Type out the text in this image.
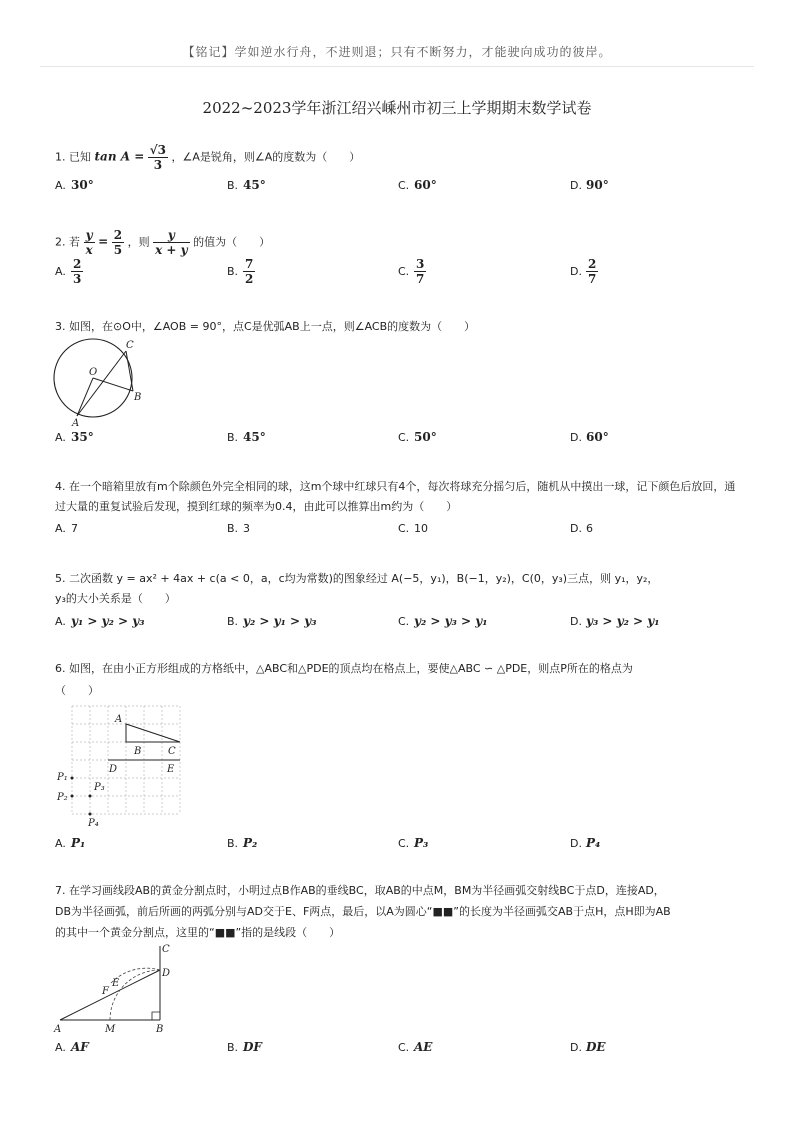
【铭记】学如逆水行舟，不进则退；只有不断努力，才能驶向成功的彼岸。
2022~2023学年浙江绍兴嵊州市初三上学期期末数学试卷
1. 已知 $\tan A = \frac{√3}{3}$ ，∠A是锐角，则∠A的度数为（　　）
A. 30°	B. 45°	C. 60°	D. 90°
2. 若 $\frac{y}{x} = \frac{2}{5}$ ，则 $\frac{y}{x + y}$ 的值为（　　）
A. $\frac{2}{3}$	B. $\frac{7}{2}$	C. $\frac{3}{7}$	D. $\frac{2}{7}$
3. 如图，在⊙O中，∠AOB = 90°，点C是优弧AB上一点，则∠ACB的度数为（　　）
O
A
B
C
A. 35°	B. 45°	C. 50°	D. 60°
4. 在一个暗箱里放有m个除颜色外完全相同的球，这m个球中红球只有4个，每次将球充分摇匀后，随机从中摸出一球，记下颜色后放回，通
过大量的重复试验后发现，摸到红球的频率为0.4，由此可以推算出m约为（　　）
A. 7	B. 3	C. 10	D. 6
5. 二次函数 y = ax² + 4ax + c(a < 0，a，c均为常数)的图象经过 A(−5，y₁)，B(−1，y₂)，C(0，y₃)三点，则 y₁，y₂，
y₃的大小关系是（　　）
A. y₁ > y₂ > y₃	B. y₂ > y₁ > y₃	C. y₂ > y₃ > y₁	D. y₃ > y₂ > y₁
6. 如图，在由小正方形组成的方格纸中，△ABC和△PDE的顶点均在格点上，要使△ABC ∽ △PDE，则点P所在的格点为
（　　）
A
B	C
D	E
P₁
P₂
P₃
P₄
A. P₁	B. P₂	C. P₃	D. P₄
7. 在学习画线段AB的黄金分割点时，小明过点B作AB的垂线BC，取AB的中点M，BM为半径画弧交射线BC于点D，连接AD，
DB为半径画弧，前后所画的两弧分别与AD交于E、F两点，最后，以A为圆心“■■”的长度为半径画弧交AB于点H，点H即为AB
的其中一个黄金分割点，这里的“■■”指的是线段（　　）
A	B
C
D
E
F
M
A. AF	B. DF	C. AE	D. DE
